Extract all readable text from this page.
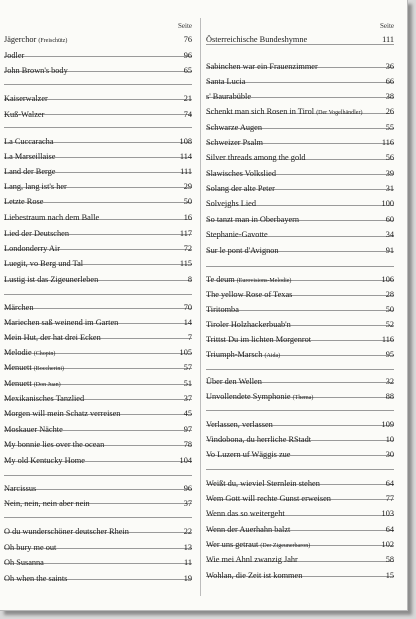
Seite
Jägerchor (Freischütz)	76
Jodler	96
John Brown's body	65
Kaiserwalzer	21
Kuß-Walzer	74
La Cuccaracha	108
La Marseillaise	114
Land der Berge	111
Lang, lang ist's her	29
Letzte Rose	50
Liebestraum nach dem Balle	16
Lied der Deutschen	117
Londonderry Air	72
Luegit, vo Berg und Tal	115
Lustig ist das Zigeunerleben	8
Märchen	70
Mariechen saß weinend im Garten	14
Mein Hut, der hat drei Ecken	7
Melodie (Chopin)	105
Menuett (Boccherini)	57
Menuett (Don Juan)	51
Mexikanisches Tanzlied	37
Morgen will mein Schatz verreisen	45
Moskauer Nächte	97
My bonnie lies over the ocean	78
My old Kentucky Home	104
Narcissus	96
Nein, nein, nein aber nein	37
O du wunderschöner deutscher Rhein	22
Oh bury me out	13
Oh Susanna	11
Oh when the saints	19
Seite
Österreichische Bundeshymne	111
Sabinchen war ein Frauenzimmer	36
Santa Lucia	66
s' Baurabüble	38
Schenkt man sich Rosen in Tirol (Der Vogelhändler)	26
Schwarze Augen	55
Schweizer Psalm	116
Silver threads among the gold	56
Slawisches Volkslied	39
Solang der alte Peter	31
Solvejghs Lied	100
So tanzt man in Oberbayern	60
Stephanie-Gavotte	34
Sur le pont d'Avignon	91
Te deum (Eurovisions-Melodie)	106
The yellow Rose of Texas	28
Tiritomba	50
Tiroler Holzhackerbuab'n	52
Trittst Du im lichten Morgenrot	116
Triumph-Marsch (Aida)	95
Über den Wellen	32
Unvollendete Symphonie (Thema)	88
Verlassen, verlassen	109
Vindobona, du herrliche RStadt	10
Vo Luzern uf Wäggis zue	30
Weißt du, wieviel Sternlein stehen	64
Wem Gott will rechte Gunst erweisen	77
Wenn das so weitergeht	103
Wenn der Auerhahn balzt	64
Wer uns getraut (Der Zigeunerbaron)	102
Wie mei Ahnl zwanzig Jahr	58
Wohlan, die Zeit ist kommen	15
